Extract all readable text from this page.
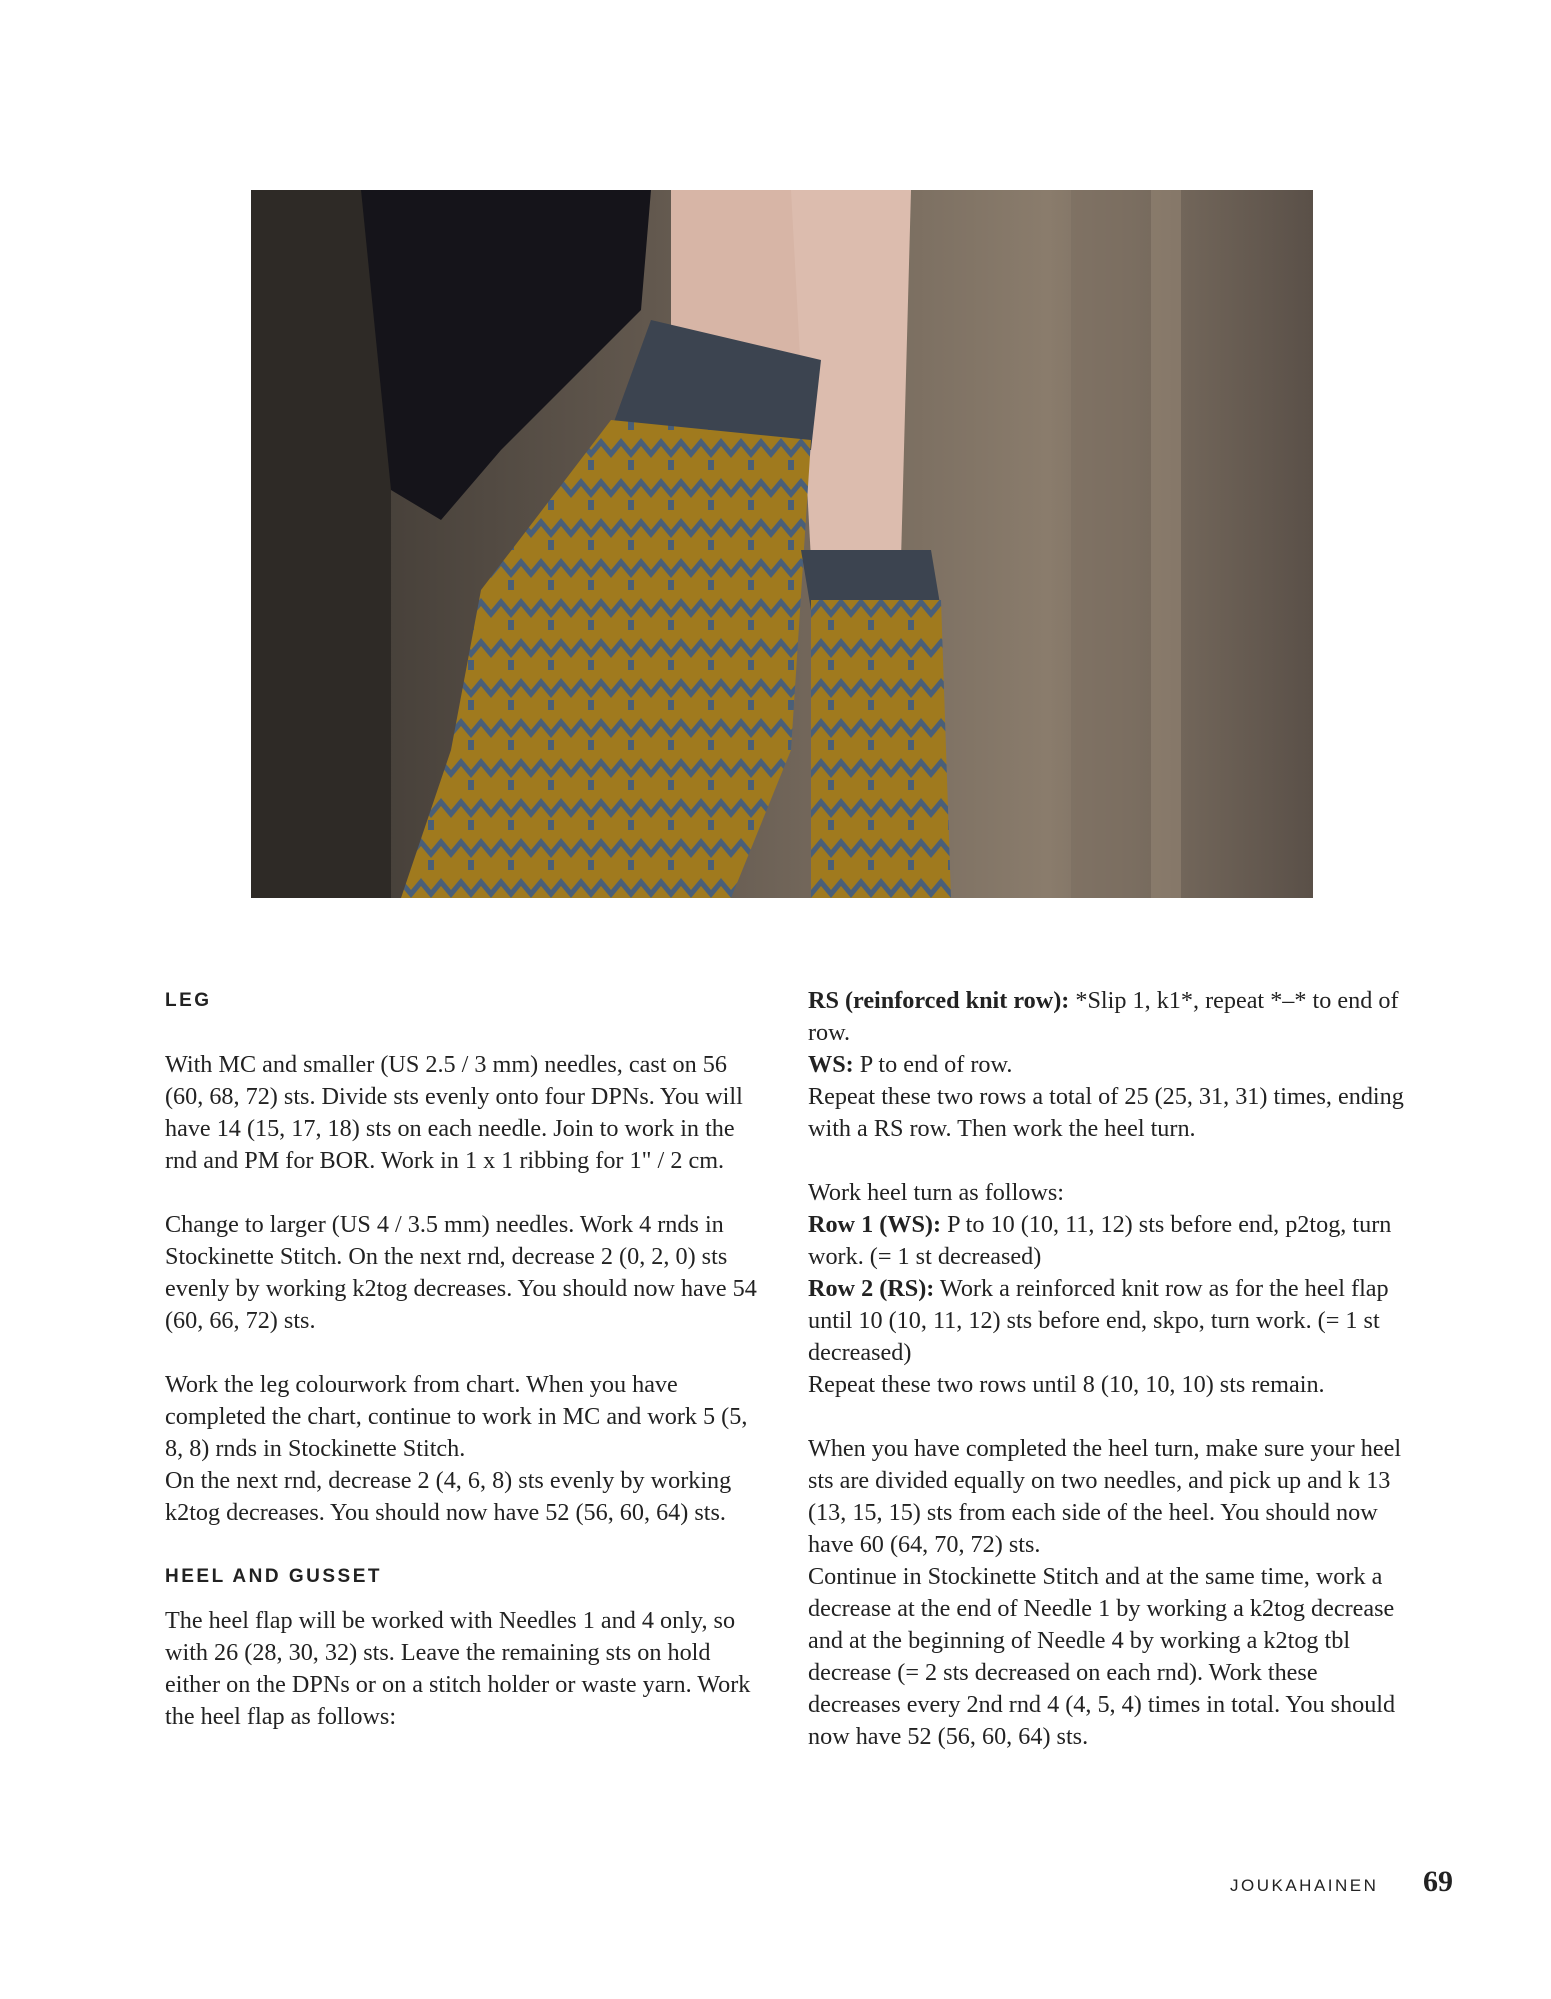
LEG

With MC and smaller (US 2.5 / 3 mm) needles, cast on 56 (60, 68, 72) sts. Divide sts evenly onto four DPNs. You will have 14 (15, 17, 18) sts on each needle. Join to work in the rnd and PM for BOR. Work in 1 x 1 ribbing for 1" / 2 cm.

Change to larger (US 4 / 3.5 mm) needles. Work 4 rnds in Stockinette Stitch. On the next rnd, decrease 2 (0, 2, 0) sts evenly by working k2tog decreases. You should now have 54 (60, 66, 72) sts.

Work the leg colourwork from chart. When you have completed the chart, continue to work in MC and work 5 (5, 8, 8) rnds in Stockinette Stitch.

On the next rnd, decrease 2 (4, 6, 8) sts evenly by working k2tog decreases. You should now have 52 (56, 60, 64) sts.

HEEL AND GUSSET

The heel flap will be worked with Needles 1 and 4 only, so with 26 (28, 30, 32) sts. Leave the remaining sts on hold either on the DPNs or on a stitch holder or waste yarn. Work the heel flap as follows:

RS (reinforced knit row): *Slip 1, k1*, repeat *–* to end of row.

WS: P to end of row.

Repeat these two rows a total of 25 (25, 31, 31) times, ending with a RS row. Then work the heel turn.

Work heel turn as follows:

Row 1 (WS): P to 10 (10, 11, 12) sts before end, p2tog, turn work. (= 1 st decreased)

Row 2 (RS): Work a reinforced knit row as for the heel flap until 10 (10, 11, 12) sts before end, skpo, turn work. (= 1 st decreased)

Repeat these two rows until 8 (10, 10, 10) sts remain.

When you have completed the heel turn, make sure your heel sts are divided equally on two needles, and pick up and k 13 (13, 15, 15) sts from each side of the heel. You should now have 60 (64, 70, 72) sts.

Continue in Stockinette Stitch and at the same time, work a decrease at the end of Needle 1 by working a k2tog decrease and at the beginning of Needle 4 by working a k2tog tbl decrease (= 2 sts decreased on each rnd). Work these decreases every 2nd rnd 4 (4, 5, 4) times in total. You should now have 52 (56, 60, 64) sts.

JOUKAHAINEN 69
